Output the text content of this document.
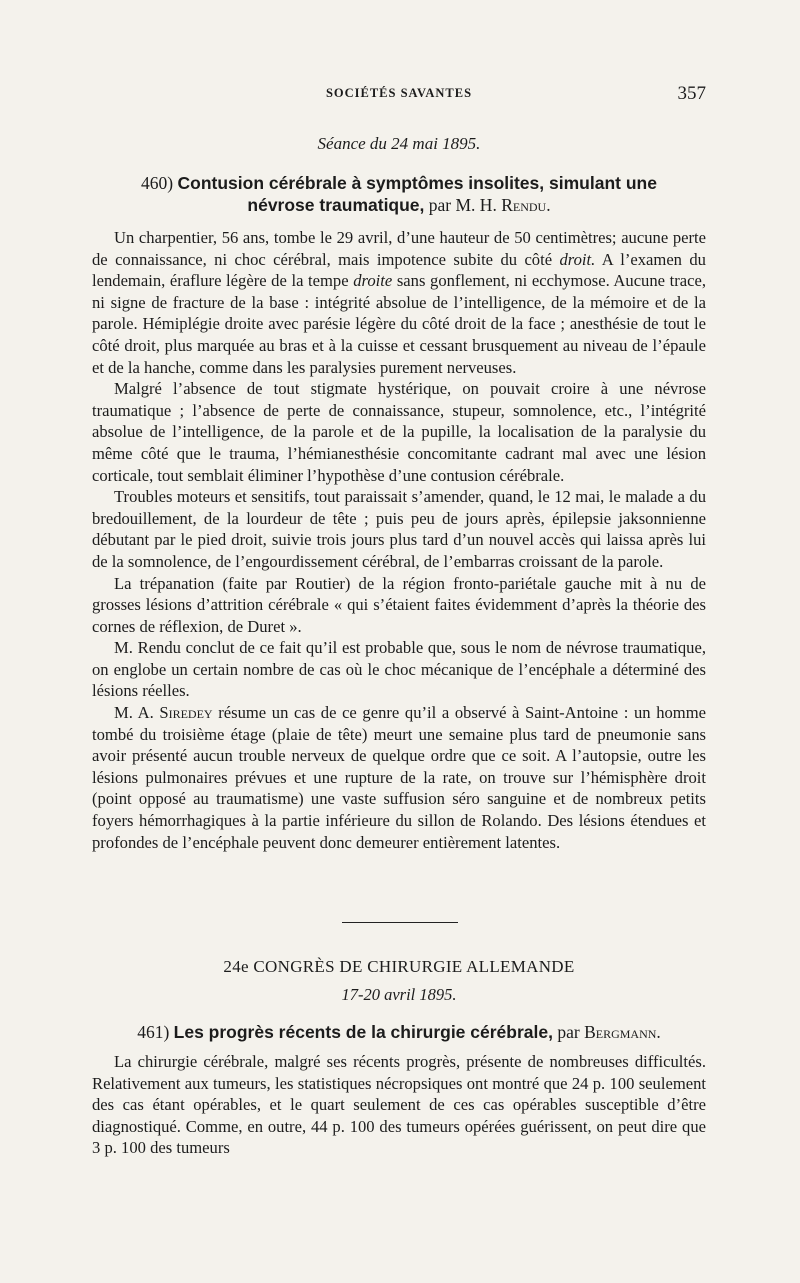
SOCIÉTÉS SAVANTES	357
Séance du 24 mai 1895.
460) Contusion cérébrale à symptômes insolites, simulant une
névrose traumatique, par M. H. Rendu.

Un charpentier, 56 ans, tombe le 29 avril, d’une hauteur de 50 centimètres; aucune perte de connaissance, ni choc cérébral, mais impotence subite du côté droit. A l’examen du lendemain, éraflure légère de la tempe droite sans gonflement, ni ecchymose. Aucune trace, ni signe de fracture de la base : intégrité absolue de l’intelligence, de la mémoire et de la parole. Hémiplégie droite avec parésie légère du côté droit de la face ; anesthésie de tout le côté droit, plus marquée au bras et à la cuisse et cessant brusquement au niveau de l’épaule et de la hanche, comme dans les paralysies purement nerveuses.

Malgré l’absence de tout stigmate hystérique, on pouvait croire à une névrose traumatique ; l’absence de perte de connaissance, stupeur, somnolence, etc., l’intégrité absolue de l’intelligence, de la parole et de la pupille, la localisation de la paralysie du même côté que le trauma, l’hémianesthésie concomitante cadrant mal avec une lésion corticale, tout semblait éliminer l’hypothèse d’une contusion cérébrale.

Troubles moteurs et sensitifs, tout paraissait s’amender, quand, le 12 mai, le malade a du bredouillement, de la lourdeur de tête ; puis peu de jours après, épilepsie jaksonnienne débutant par le pied droit, suivie trois jours plus tard d’un nouvel accès qui laissa après lui de la somnolence, de l’engourdissement cérébral, de l’embarras croissant de la parole.

La trépanation (faite par Routier) de la région fronto-pariétale gauche mit à nu de grosses lésions d’attrition cérébrale « qui s’étaient faites évidemment d’après la théorie des cornes de réflexion, de Duret ».

M. Rendu conclut de ce fait qu’il est probable que, sous le nom de névrose traumatique, on englobe un certain nombre de cas où le choc mécanique de l’encéphale a déterminé des lésions réelles.

M. A. Siredey résume un cas de ce genre qu’il a observé à Saint-Antoine : un homme tombé du troisième étage (plaie de tête) meurt une semaine plus tard de pneumonie sans avoir présenté aucun trouble nerveux de quelque ordre que ce soit. A l’autopsie, outre les lésions pulmonaires prévues et une rupture de la rate, on trouve sur l’hémisphère droit (point opposé au traumatisme) une vaste suffusion séro sanguine et de nombreux petits foyers hémorrhagiques à la partie inférieure du sillon de Rolando. Des lésions étendues et profondes de l’encéphale peuvent donc demeurer entièrement latentes.

24e CONGRÈS DE CHIRURGIE ALLEMANDE
17-20 avril 1895.
461) Les progrès récents de la chirurgie cérébrale, par Bergmann.

La chirurgie cérébrale, malgré ses récents progrès, présente de nombreuses difficultés. Relativement aux tumeurs, les statistiques nécropsiques ont montré que 24 p. 100 seulement des cas étant opérables, et le quart seulement de ces cas opérables susceptible d’être diagnostiqué. Comme, en outre, 44 p. 100 des tumeurs opérées guérissent, on peut dire que 3 p. 100 des tumeurs
